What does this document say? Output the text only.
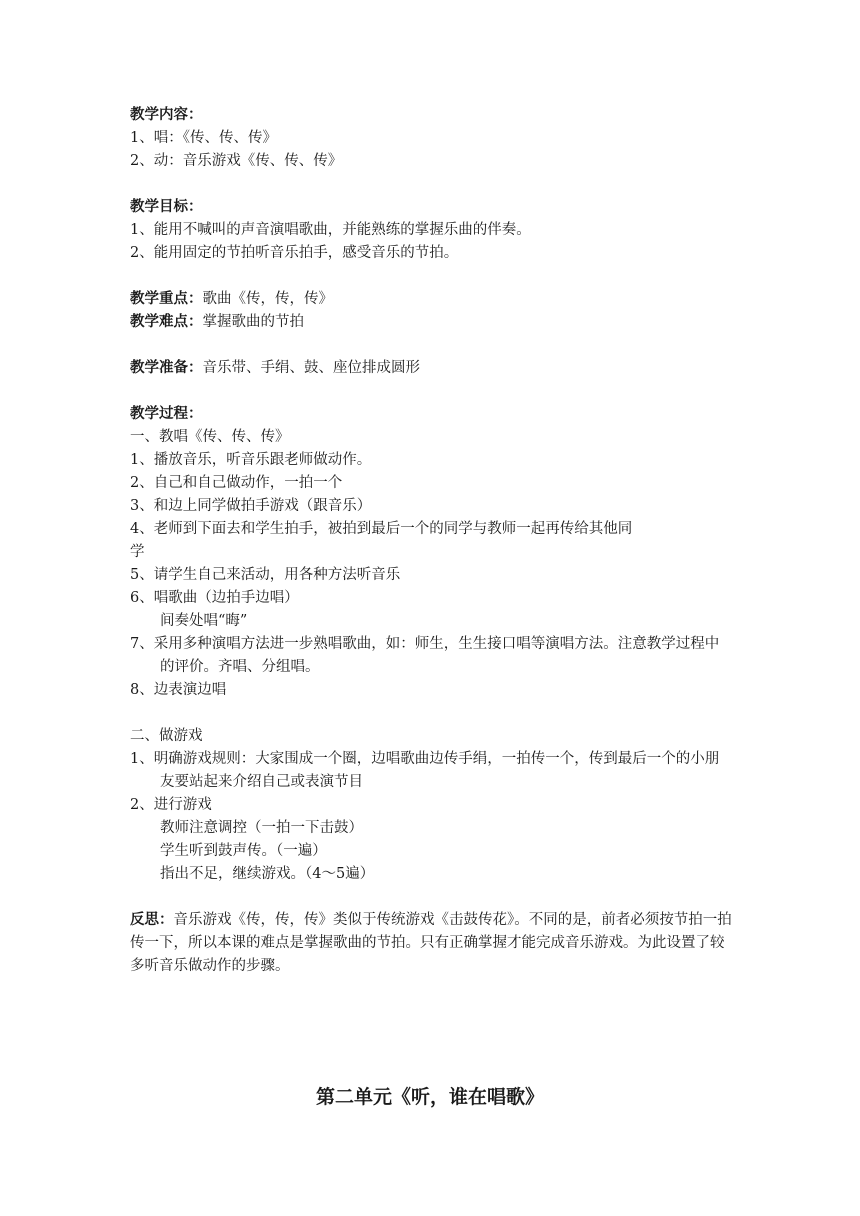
教学内容：
1、唱：《传、传、传》
2、动：音乐游戏《传、传、传》
教学目标：
1、能用不喊叫的声音演唱歌曲，并能熟练的掌握乐曲的伴奏。
2、能用固定的节拍听音乐拍手，感受音乐的节拍。
教学重点：歌曲《传，传，传》
教学难点：掌握歌曲的节拍
教学准备：音乐带、手绢、鼓、座位排成圆形
教学过程：
一、教唱《传、传、传》
1、播放音乐，听音乐跟老师做动作。
2、自己和自己做动作，一拍一个
3、和边上同学做拍手游戏（跟音乐）
4、老师到下面去和学生拍手，被拍到最后一个的同学与教师一起再传给其他同
学
5、请学生自己来活动，用各种方法听音乐
6、唱歌曲（边拍手边唱）
间奏处唱“晦”
7、采用多种演唱方法进一步熟唱歌曲，如：师生，生生接口唱等演唱方法。注意教学过程中的评价。齐唱、分组唱。
8、边表演边唱
二、做游戏
1、明确游戏规则：大家围成一个圈，边唱歌曲边传手绢，一拍传一个，传到最后一个的小朋友要站起来介绍自己或表演节目
2、进行游戏
教师注意调控（一拍一下击鼓）
学生听到鼓声传。（一遍）
指出不足，继续游戏。（4～5遍）
反思：音乐游戏《传，传，传》类似于传统游戏《击鼓传花》。不同的是，前者必须按节拍一拍传一下，所以本课的难点是掌握歌曲的节拍。只有正确掌握才能完成音乐游戏。为此设置了较多听音乐做动作的步骤。
第二单元《听，谁在唱歌》
